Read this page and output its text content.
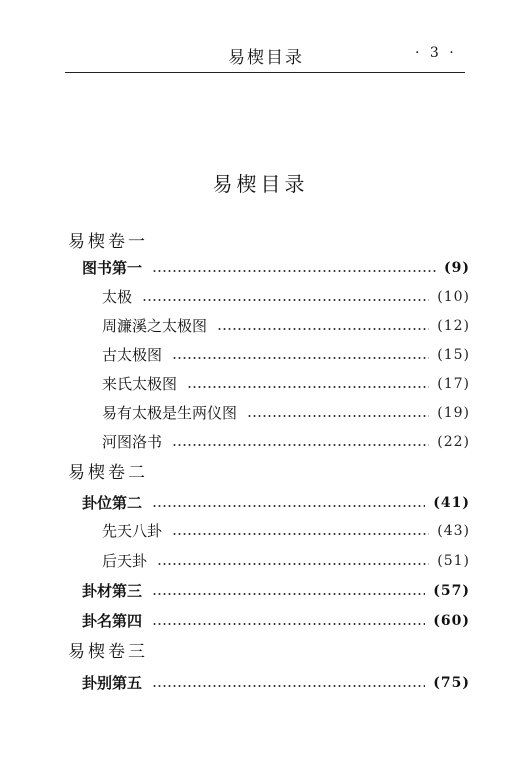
易楔目录	· 3 ·
易楔目录
易楔卷一
图书第一	(9)
太极	(10)
周濂溪之太极图	(12)
古太极图	(15)
来氏太极图	(17)
易有太极是生两仪图	(19)
河图洛书	(22)
易楔卷二
卦位第二	(41)
先天八卦	(43)
后天卦	(51)
卦材第三	(57)
卦名第四	(60)
易楔卷三
卦别第五	(75)
